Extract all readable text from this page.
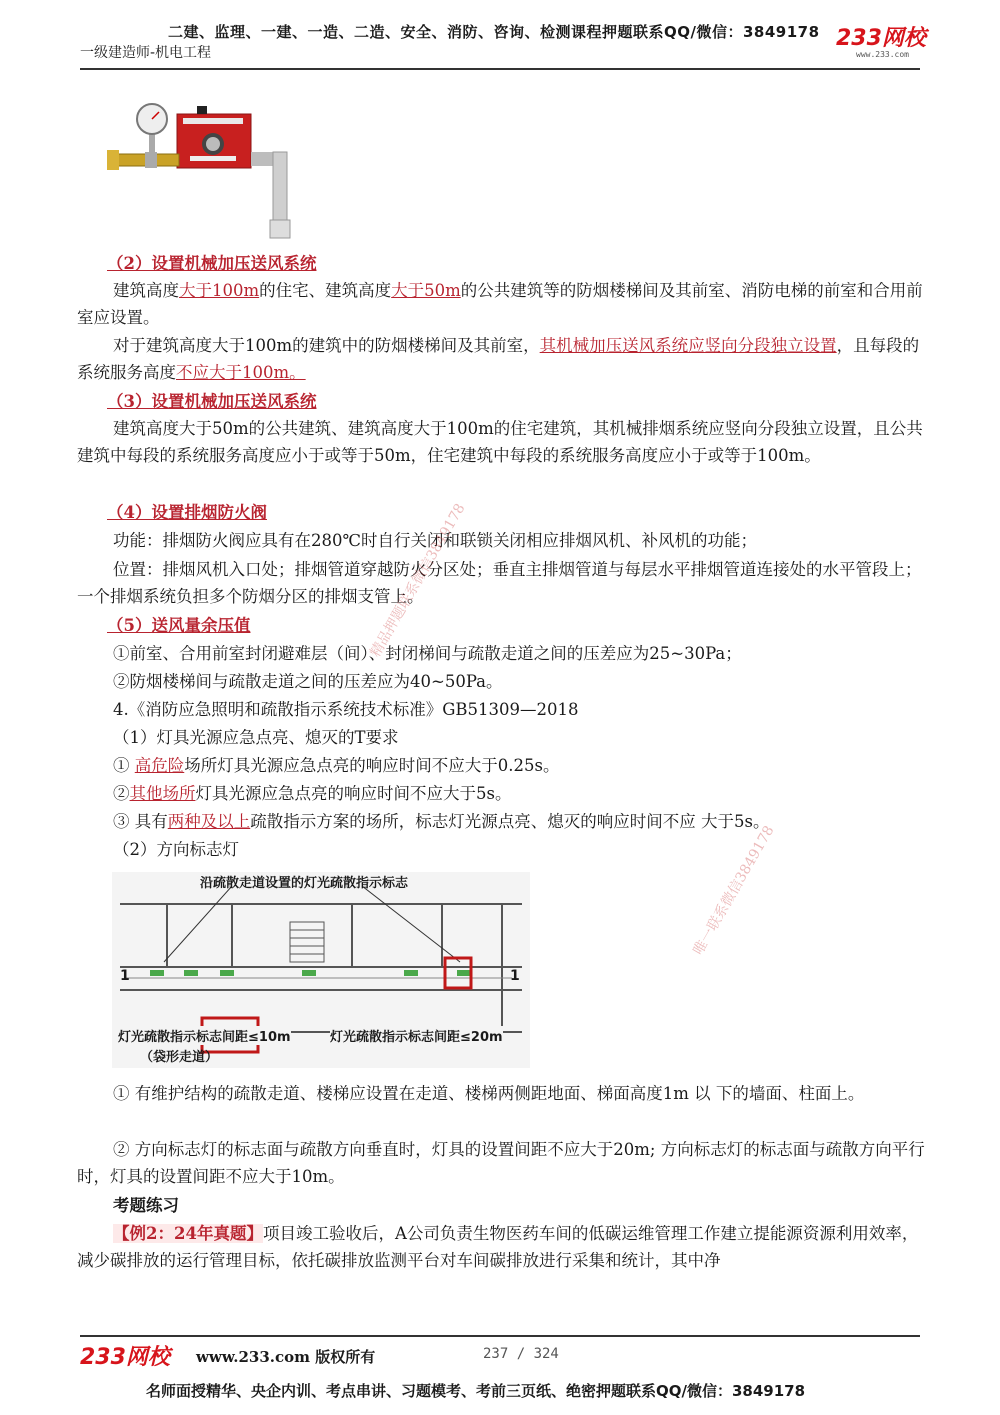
二建、监理、一建、一造、二造、安全、消防、咨询、检测课程押题联系QQ/微信：3849178
一级建造师-机电工程
233网校
www.233.com
（2）设置机械加压送风系统
建筑高度大于100m的住宅、建筑高度大于50m的公共建筑等的防烟楼梯间及其前室、消防电梯的前室和合用前室应设置。
对于建筑高度大于100m的建筑中的防烟楼梯间及其前室，其机械加压送风系统应竖向分段独立设置，且每段的系统服务高度不应大于100m。
（3）设置机械加压送风系统
建筑高度大于50m的公共建筑、建筑高度大于100m的住宅建筑，其机械排烟系统应竖向分段独立设置，且公共建筑中每段的系统服务高度应小于或等于50m，住宅建筑中每段的系统服务高度应小于或等于100m。
（4）设置排烟防火阀
功能：排烟防火阀应具有在280℃时自行关闭和联锁关闭相应排烟风机、补风机的功能；
位置：排烟风机入口处；排烟管道穿越防火分区处；垂直主排烟管道与每层水平排烟管道连接处的水平管段上；一个排烟系统负担多个防烟分区的排烟支管上。
（5）送风量余压值
①前室、合用前室封闭避难层（间）、封闭梯间与疏散走道之间的压差应为25~30Pa；
②防烟楼梯间与疏散走道之间的压差应为40~50Pa。
4.《消防应急照明和疏散指示系统技术标准》GB51309—2018
（1）灯具光源应急点亮、熄灭的T要求
① 高危险场所灯具光源应急点亮的响应时间不应大于0.25s。
②其他场所灯具光源应急点亮的响应时间不应大于5s。
③ 具有两种及以上疏散指示方案的场所，标志灯光源点亮、熄灭的响应时间不应 大于5s。
（2）方向标志灯
沿疏散走道设置的灯光疏散指示标志
1	1
灯光疏散指示标志间距≤10m
（袋形走道）
灯光疏散指示标志间距≤20m
① 有维护结构的疏散走道、楼梯应设置在走道、楼梯两侧距地面、梯面高度1m 以 下的墙面、柱面上。
② 方向标志灯的标志面与疏散方向垂直时，灯具的设置间距不应大于20m; 方向标志灯的标志面与疏散方向平行时，灯具的设置间距不应大于10m。
考题练习
【例2：24年真题】项目竣工验收后，A公司负责生物医药车间的低碳运维管理工作建立提能源资源利用效率，减少碳排放的运行管理目标，依托碳排放监测平台对车间碳排放进行采集和统计，其中净
精品押题联系微信3849178
唯一联系微信3849178
233网校 www.233.com 版权所有	237 / 324
名师面授精华、央企内训、考点串讲、习题模考、考前三页纸、绝密押题联系QQ/微信：3849178
